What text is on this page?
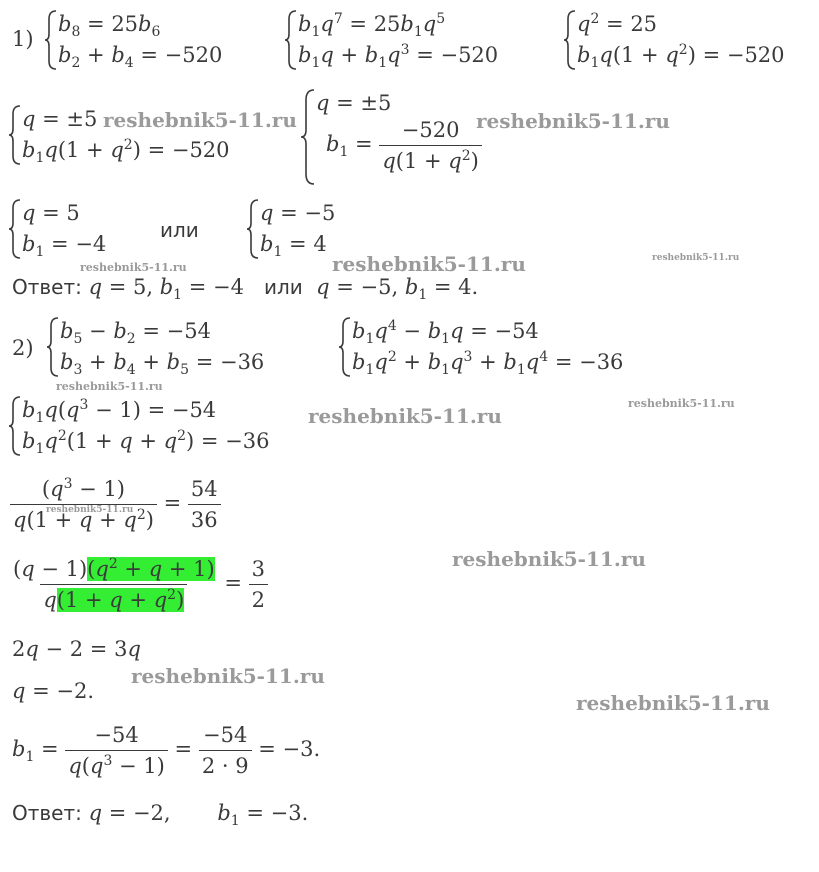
1)
$b_8 = 25b_6$
$b_2 + b_4 = -520$
$b_1q^7 = 25b_1q^5$
$b_1q + b_1q^3 = -520$
$q^2 = 25$
$b_1q(1 + q^2) = -520$
q = ±5
$b_1q(1 + q^2) = -520$
q = ±5
$b_1 = \frac{-520}{q(1 + q^2)}$
q = 5
$b_1 = -4$
или
q = −5
$b_1 = 4$
Ответ: q = 5, $b_1 = -4$   или q = −5, $b_1 = 4$.
2)
$b_5 - b_2 = -54$
$b_3 + b_4 + b_5 = -36$
$b_1q^4 - b_1q = -54$
$b_1q^2 + b_1q^3 + b_1q^4 = -36$
$b_1q(q^3 - 1) = -54$
$b_1q^2(1 + q + q^2) = -36$
$\frac{(q^3 - 1)}{q(1 + q + q^2)} = \frac{54}{36}$
$\frac{(q - 1)(q^2 + q + 1)}{q(1 + q + q^2)} = \frac{3}{2}$
2q − 2 = 3q
q = −2.
$b_1 = \frac{-54}{q(q^3 - 1)} = \frac{-54}{2 \cdot 9} = -3$.
Ответ: q = −2,       $b_1 = -3$.
reshebnik5-11.ru	reshebnik5-11.ru
reshebnik5-11.ru	reshebnik5-11.ru	reshebnik5-11.ru
reshebnik5-11.ru
reshebnik5-11.ru
reshebnik5-11.ru
reshebnik5-11.ru
reshebnik5-11.ru
reshebnik5-11.ru
reshebnik5-11.ru
